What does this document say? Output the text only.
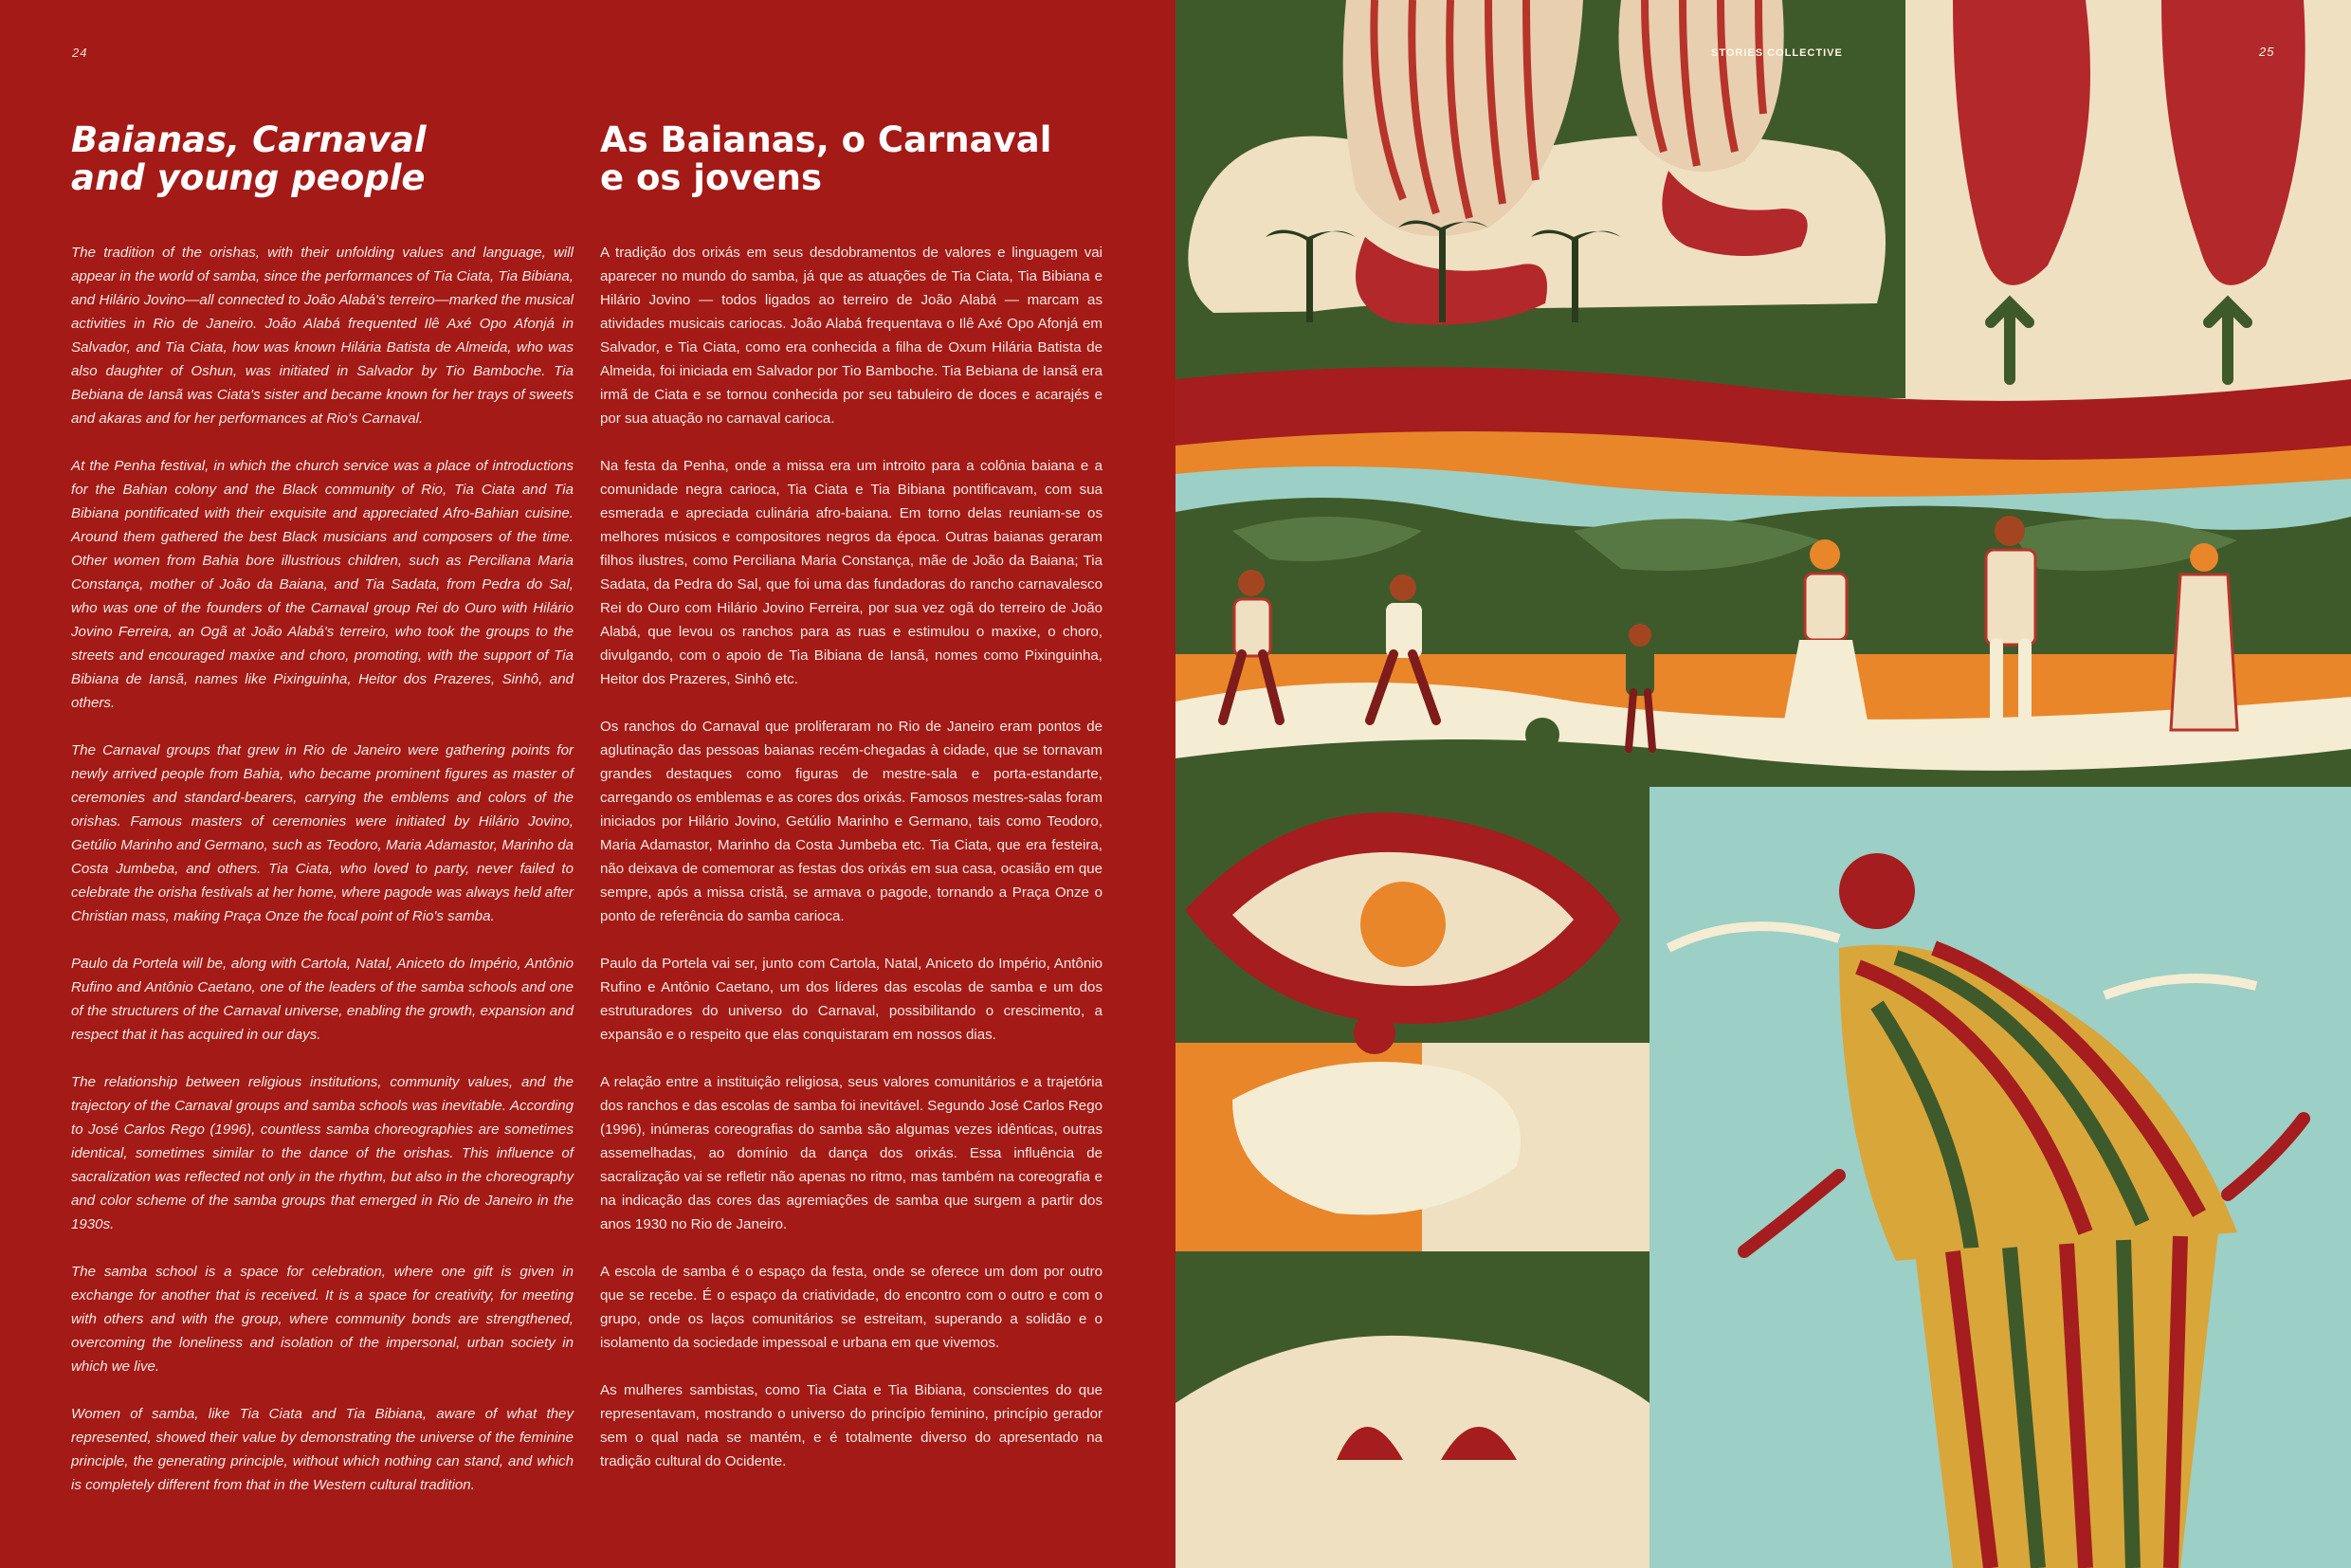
24
Baianas, Carnaval
and young people

The tradition of the orishas, with their unfolding values and language, will appear in the world of samba, since the performances of Tia Ciata, Tia Bibiana, and Hilário Jovino—all connected to João Alabá's terreiro—marked the musical activities in Rio de Janeiro. João Alabá frequented Ilê Axé Opo Afonjá in Salvador, and Tia Ciata, how was known Hilária Batista de Almeida, who was also daughter of Oshun, was initiated in Salvador by Tio Bamboche. Tia Bebiana de Iansã was Ciata's sister and became known for her trays of sweets and akaras and for her performances at Rio's Carnaval.

At the Penha festival, in which the church service was a place of introductions for the Bahian colony and the Black community of Rio, Tia Ciata and Tia Bibiana pontificated with their exquisite and appreciated Afro-Bahian cuisine. Around them gathered the best Black musicians and composers of the time. Other women from Bahia bore illustrious children, such as Perciliana Maria Constança, mother of João da Baiana, and Tia Sadata, from Pedra do Sal, who was one of the founders of the Carnaval group Rei do Ouro with Hilário Jovino Ferreira, an Ogã at João Alabá's terreiro, who took the groups to the streets and encouraged maxixe and choro, promoting, with the support of Tia Bibiana de Iansã, names like Pixinguinha, Heitor dos Prazeres, Sinhô, and others.

The Carnaval groups that grew in Rio de Janeiro were gathering points for newly arrived people from Bahia, who became prominent figures as master of ceremonies and standard-bearers, carrying the emblems and colors of the orishas. Famous masters of ceremonies were initiated by Hilário Jovino, Getúlio Marinho and Germano, such as Teodoro, Maria Adamastor, Marinho da Costa Jumbeba, and others. Tia Ciata, who loved to party, never failed to celebrate the orisha festivals at her home, where pagode was always held after Christian mass, making Praça Onze the focal point of Rio's samba.

Paulo da Portela will be, along with Cartola, Natal, Aniceto do Império, Antônio Rufino and Antônio Caetano, one of the leaders of the samba schools and one of the structurers of the Carnaval universe, enabling the growth, expansion and respect that it has acquired in our days.

The relationship between religious institutions, community values, and the trajectory of the Carnaval groups and samba schools was inevitable. According to José Carlos Rego (1996), countless samba choreographies are sometimes identical, sometimes similar to the dance of the orishas. This influence of sacralization was reflected not only in the rhythm, but also in the choreography and color scheme of the samba groups that emerged in Rio de Janeiro in the 1930s.

The samba school is a space for celebration, where one gift is given in exchange for another that is received. It is a space for creativity, for meeting with others and with the group, where community bonds are strengthened, overcoming the loneliness and isolation of the impersonal, urban society in which we live.

Women of samba, like Tia Ciata and Tia Bibiana, aware of what they represented, showed their value by demonstrating the universe of the feminine principle, the generating principle, without which nothing can stand, and which is completely different from that in the Western cultural tradition.

As Baianas, o Carnaval
e os jovens

A tradição dos orixás em seus desdobramentos de valores e linguagem vai aparecer no mundo do samba, já que as atuações de Tia Ciata, Tia Bibiana e Hilário Jovino — todos ligados ao terreiro de João Alabá — marcam as atividades musicais cariocas. João Alabá frequentava o Ilê Axé Opo Afonjá em Salvador, e Tia Ciata, como era conhecida a filha de Oxum Hilária Batista de Almeida, foi iniciada em Salvador por Tio Bamboche. Tia Bebiana de Iansã era irmã de Ciata e se tornou conhecida por seu tabuleiro de doces e acarajés e por sua atuação no carnaval carioca.

Na festa da Penha, onde a missa era um introito para a colônia baiana e a comunidade negra carioca, Tia Ciata e Tia Bibiana pontificavam, com sua esmerada e apreciada culinária afro-baiana. Em torno delas reuniam-se os melhores músicos e compositores negros da época. Outras baianas geraram filhos ilustres, como Perciliana Maria Constança, mãe de João da Baiana; Tia Sadata, da Pedra do Sal, que foi uma das fundadoras do rancho carnavalesco Rei do Ouro com Hilário Jovino Ferreira, por sua vez ogã do terreiro de João Alabá, que levou os ranchos para as ruas e estimulou o maxixe, o choro, divulgando, com o apoio de Tia Bibiana de Iansã, nomes como Pixinguinha, Heitor dos Prazeres, Sinhô etc.

Os ranchos do Carnaval que proliferaram no Rio de Janeiro eram pontos de aglutinação das pessoas baianas recém-chegadas à cidade, que se tornavam grandes destaques como figuras de mestre-sala e porta-estandarte, carregando os emblemas e as cores dos orixás. Famosos mestres-salas foram iniciados por Hilário Jovino, Getúlio Marinho e Germano, tais como Teodoro, Maria Adamastor, Marinho da Costa Jumbeba etc. Tia Ciata, que era festeira, não deixava de comemorar as festas dos orixás em sua casa, ocasião em que sempre, após a missa cristã, se armava o pagode, tornando a Praça Onze o ponto de referência do samba carioca.

Paulo da Portela vai ser, junto com Cartola, Natal, Aniceto do Império, Antônio Rufino e Antônio Caetano, um dos líderes das escolas de samba e um dos estruturadores do universo do Carnaval, possibilitando o crescimento, a expansão e o respeito que elas conquistaram em nossos dias.

A relação entre a instituição religiosa, seus valores comunitários e a trajetória dos ranchos e das escolas de samba foi inevitável. Segundo José Carlos Rego (1996), inúmeras coreografias do samba são algumas vezes idênticas, outras assemelhadas, ao domínio da dança dos orixás. Essa influência de sacralização vai se refletir não apenas no ritmo, mas também na coreografia e na indicação das cores das agremiações de samba que surgem a partir dos anos 1930 no Rio de Janeiro.

A escola de samba é o espaço da festa, onde se oferece um dom por outro que se recebe. É o espaço da criatividade, do encontro com o outro e com o grupo, onde os laços comunitários se estreitam, superando a solidão e o isolamento da sociedade impessoal e urbana em que vivemos.

As mulheres sambistas, como Tia Ciata e Tia Bibiana, conscientes do que representavam, mostrando o universo do princípio feminino, princípio gerador sem o qual nada se mantém, e é totalmente diverso do apresentado na tradição cultural do Ocidente.

STORIES COLLECTIVE	25
